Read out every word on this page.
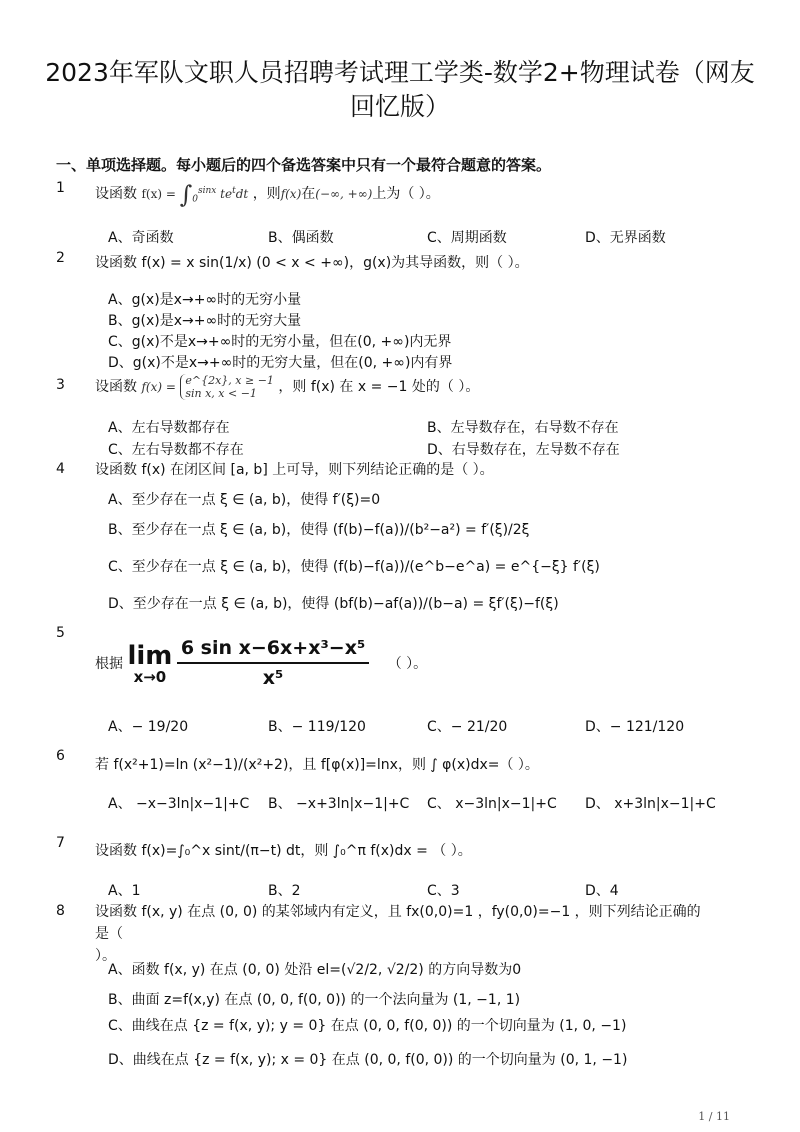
2023年军队文职人员招聘考试理工学类-数学2+物理试卷（网友
回忆版）
一、单项选择题。每小题后的四个备选答案中只有一个最符合题意的答案。
1 设函数 $f(x) = \int_0^{sinx}$ $te^tdt$ ，则f(x)在(−∞, +∞)上为（ ）。
A、奇函数	B、偶函数	C、周期函数	D、无界函数
2 设函数 f(x) = x sin(1/x) (0 < x < +∞)，g(x)为其导函数，则（ ）。
A、g(x)是x→+∞时的无穷小量
B、g(x)是x→+∞时的无穷大量
C、g(x)不是x→+∞时的无穷小量，但在(0, +∞)内无界
D、g(x)不是x→+∞时的无穷大量，但在(0, +∞)内有界
3 设函数 f(x) = e^{2x}, x ≥ −1
sin x, x < −1	，则 f(x) 在 x = −1 处的（ ）。
A、左右导数都存在	B、左导数存在，右导数不存在
C、左右导数都不存在	D、右导数存在，左导数不存在
4 设函数 f(x) 在闭区间 [a, b] 上可导，则下列结论正确的是（ ）。
A、至少存在一点 ξ ∈ (a, b)，使得 f′(ξ)=0
B、至少存在一点 ξ ∈ (a, b)，使得 (f(b)−f(a))/(b²−a²) = f′(ξ)/2ξ
C、至少存在一点 ξ ∈ (a, b)，使得 (f(b)−f(a))/(e^b−e^a) = e^{−ξ} f′(ξ)
D、至少存在一点 ξ ∈ (a, b)，使得 (bf(b)−af(a))/(b−a) = ξf′(ξ)−f(ξ)
5
根据 lim
x→0
$\frac{\text{6 sin x−6x+x³−x⁵}}{\text{x⁵}}$ （ ）。
A、− 19/20	B、− 119/120	C、− 21/20	D、− 121/120
6
若 f(x²+1)=ln (x²−1)/(x²+2)，且 f[φ(x)]=lnx，则 ∫ φ(x)dx=（ ）。
A、 −x−3ln|x−1|+C	B、 −x+3ln|x−1|+C	C、 x−3ln|x−1|+C D、 x+3ln|x−1|+C
7 设函数 f(x)=∫₀^x sint/(π−t) dt，则 ∫₀^π f(x)dx = （ ）。
A、1	B、2	C、3	D、4
8 设函数 f(x, y) 在点 (0, 0) 的某邻域内有定义，且 fx(0,0)=1 ，fy(0,0)=−1 ，则下列结论正确的是（
）。
A、函数 f(x, y) 在点 (0, 0) 处沿 el=(√2/2, √2/2) 的方向导数为0
B、曲面 z=f(x,y) 在点 (0, 0, f(0, 0)) 的一个法向量为 (1, −1, 1)
C、曲线在点 {z = f(x, y); y = 0} 在点 (0, 0, f(0, 0)) 的一个切向量为 (1, 0, −1)
D、曲线在点 {z = f(x, y); x = 0} 在点 (0, 0, f(0, 0)) 的一个切向量为 (0, 1, −1)
1 / 11
